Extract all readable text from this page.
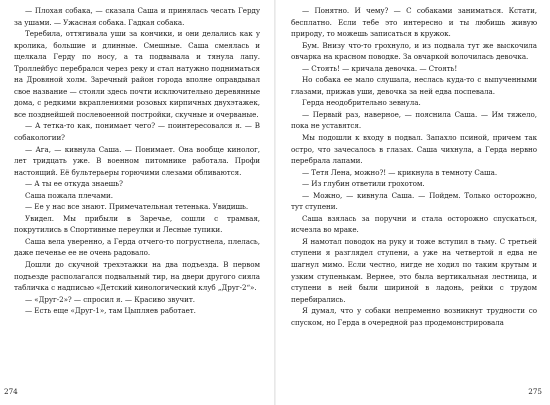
— Плохая собака, — сказала Саша и принялась чесать Герду за ушами. — Ужасная собака. Гадкая собака.

Теребила, оттягивала уши за кончики, и они делались как у кролика, большие и длинные. Смешные. Саша смеялась и щелкала Герду по носу, а та подвывала и тянула лапу. Троллейбус перебрался через реку и стал натужно подниматься на Дровяной холм. Заречный район города вполне оправдывал свое название — стояли здесь почти исключительно деревянные дома, с редкими вкраплениями розовых кирпичных двухэтажек, все позднейшей послевоенной постройки, скучные и очерваные.

— А тетка-то как, понимает чего? — поинтересовался я. — В собакологии?

— Ага, — кивнула Саша. — Понимает. Она вообще кинолог, лет тридцать уже. В военном питомнике работала. Профи настоящий. Её бультерьеры горючими слезами обливаются.

— А ты ее откуда знаешь?

Саша пожала плечами.

— Ее у нас все знают. Примечательная тетенька. Увидишь.

Увидел. Мы прибыли в Заречье, сошли с трамвая, покрутились в Спортивные переулки и Лесные тупики.

Саша вела уверенно, а Герда отчего-то погрустнела, плелась, даже печенье ее не очень радовало.

Дошли до скучной трехэтажки на два подъезда. В первом подъезде располагался подвальный тир, на двери другого сияла табличка с надписью «Детский кинологический клуб „Друг-2“».

— «Друг-2»? — спросил я. — Красиво звучит.

— Есть еще «Друг-1», там Цыпляев работает.

274

— Понятно. И чему? — С собаками заниматься. Кстати, бесплатно. Если тебе это интересно и ты любишь живую природу, то можешь записаться в кружок.

Бум. Внизу что-то грохнуло, и из подвала тут же выскочила овчарка на красном поводке. За овчаркой волочилась девочка.

— Стоять! — кричала девочка. — Стоять!

Но собака ее мало слушала, неслась куда-то с выпученными глазами, прижав уши, девочка за ней едва поспевала.

Герда неодобрительно зевнула.

— Первый раз, наверное, — пояснила Саша. — Им тяжело, пока не уставятся.

Мы подошли к входу в подвал. Запахло псиной, причем так остро, что зачесалось в глазах. Саша чихнула, а Герда нервно перебрала лапами.

— Тетя Лена, можно?! — крикнула в темноту Саша.

— Из глубин ответили грохотом.

— Можно, — кивнула Саша. — Пойдем. Только осторожно, тут ступени.

Саша взялась за поручни и стала осторожно спускаться, исчезла во мраке.

Я намотал поводок на руку и тоже вступил в тьму. С третьей ступени я разглядел ступени, а уже на четвертой я едва не шагнул мимо. Если честно, нигде не ходил по таким крутым и узким ступенькам. Вернее, это была вертикальная лестница, и ступени в ней были шириной в ладонь, рейки с трудом перебирались.

Я думал, что у собаки непременно возникнут трудности со спуском, но Герда в очередной раз продемонстрировала

275
